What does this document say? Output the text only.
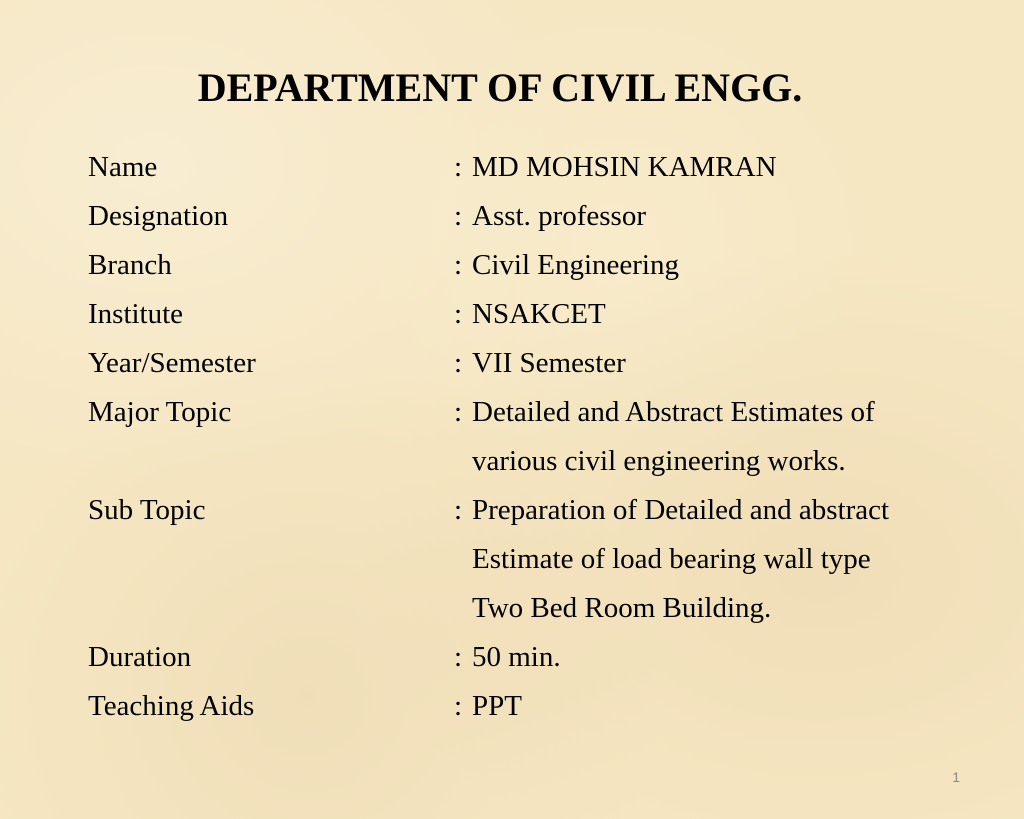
DEPARTMENT OF CIVIL ENGG.
Name	: MD MOHSIN KAMRAN
Designation	: Asst. professor
Branch	: Civil Engineering
Institute	: NSAKCET
Year/Semester	: VII Semester
Major Topic	: Detailed and Abstract Estimates of
various civil engineering works.
Sub Topic	: Preparation of Detailed and abstract
Estimate of load bearing wall type
Two Bed Room Building.
Duration	: 50 min.
Teaching Aids	: PPT
1
